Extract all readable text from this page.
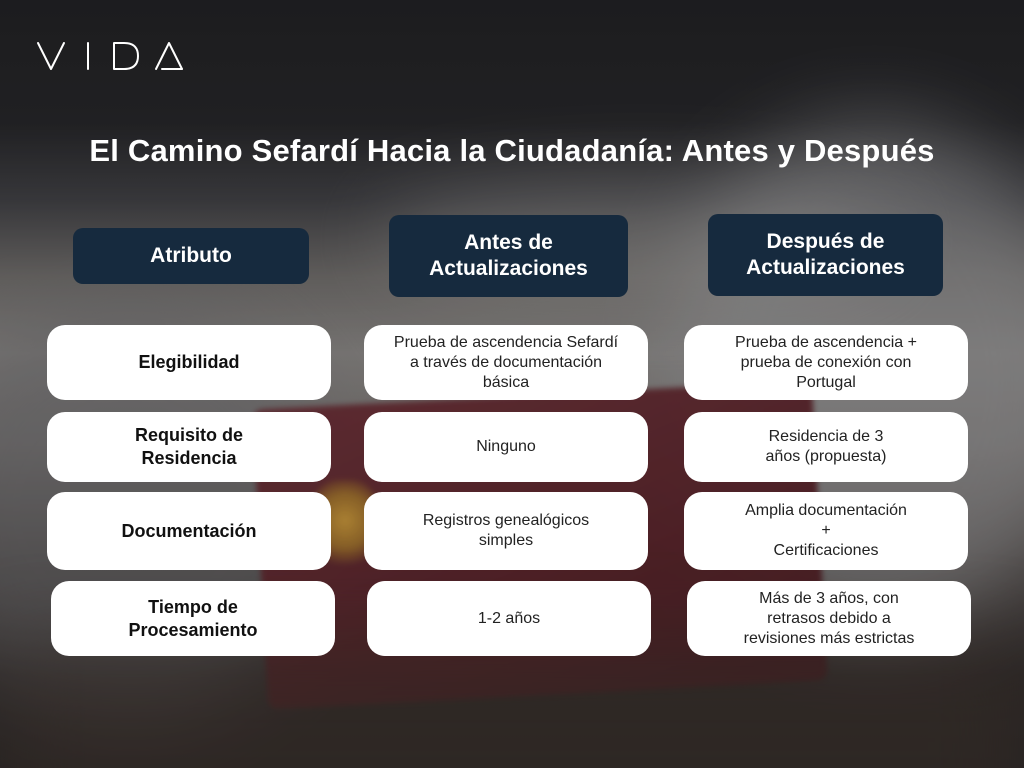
El Camino Sefardí Hacia la Ciudadanía: Antes y Después
Atributo
Antes de
Actualizaciones
Después de
Actualizaciones
Elegibilidad
Prueba de ascendencia Sefardí
a través de documentación
básica
Prueba de ascendencia +
prueba de conexión con
Portugal
Requisito de
Residencia
Ninguno
Residencia de 3
años (propuesta)
Documentación	Registros genealógicos
simples
Amplia documentación
+
Certificaciones
Tiempo de
Procesamiento
1-2 años
Más de 3 años, con
retrasos debido a
revisiones más estrictas
